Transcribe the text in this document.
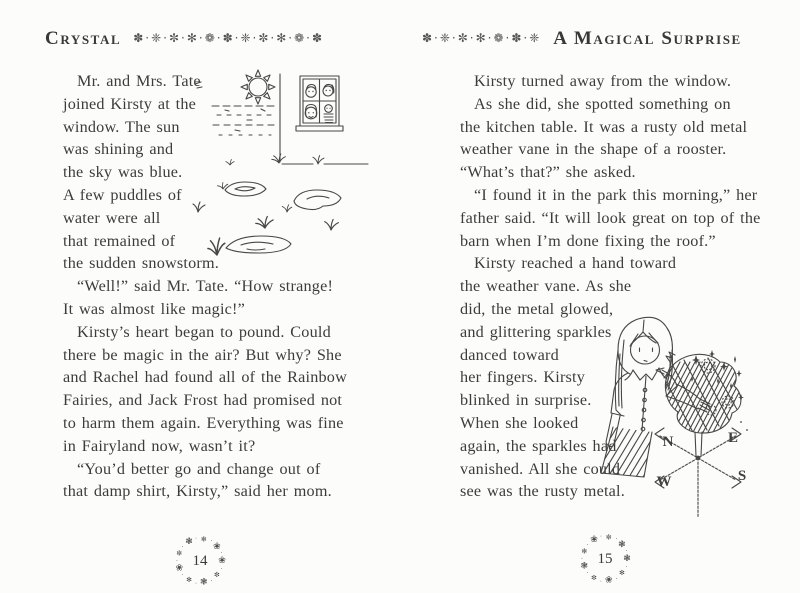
Crystal ✽·❈·✼·✻·❁·✽·❈·✼·✻·❁·✽
Mr. and Mrs. Tate
joined Kirsty at the
window. The sun
was shining and
the sky was blue.
A few puddles of
water were all
that remained of
the sudden snowstorm.
“Well!” said Mr. Tate. “How strange!
It was almost like magic!”
Kirsty’s heart began to pound. Could
there be magic in the air? But why? She
and Rachel had found all of the Rainbow
Fairies, and Jack Frost had promised not
to harm them again. Everything was fine
in Fairyland now, wasn’t it?
“You’d better go and change out of
that damp shirt, Kirsty,” said her mom.
❀
✼
❃
✻
❀
✼
❃ ✻
❀
·
·
·
·
·
·
· ·
·
14
✽·❈·✼·✻·❁·✽·❈ A Magical Surprise
Kirsty turned away from the window.
As she did, she spotted something on
the kitchen table. It was a rusty old metal
weather vane in the shape of a rooster.
“What’s that?” she asked.
“I found it in the park this morning,” her
father said. “It will look great on top of the
barn when I’m done fixing the roof.”
Kirsty reached a hand toward
the weather vane. As she
did, the metal glowed,
and glittering sparkles
danced toward
her fingers. Kirsty
blinked in surprise.
When she looked
again, the sparkles had
vanished. All she could
see was the rusty metal.
N	E
W	S
❃
✻
❀
✼
❃
✻
❀ ✼
❃
·
·
·
·
·
·
· ·
·
15
